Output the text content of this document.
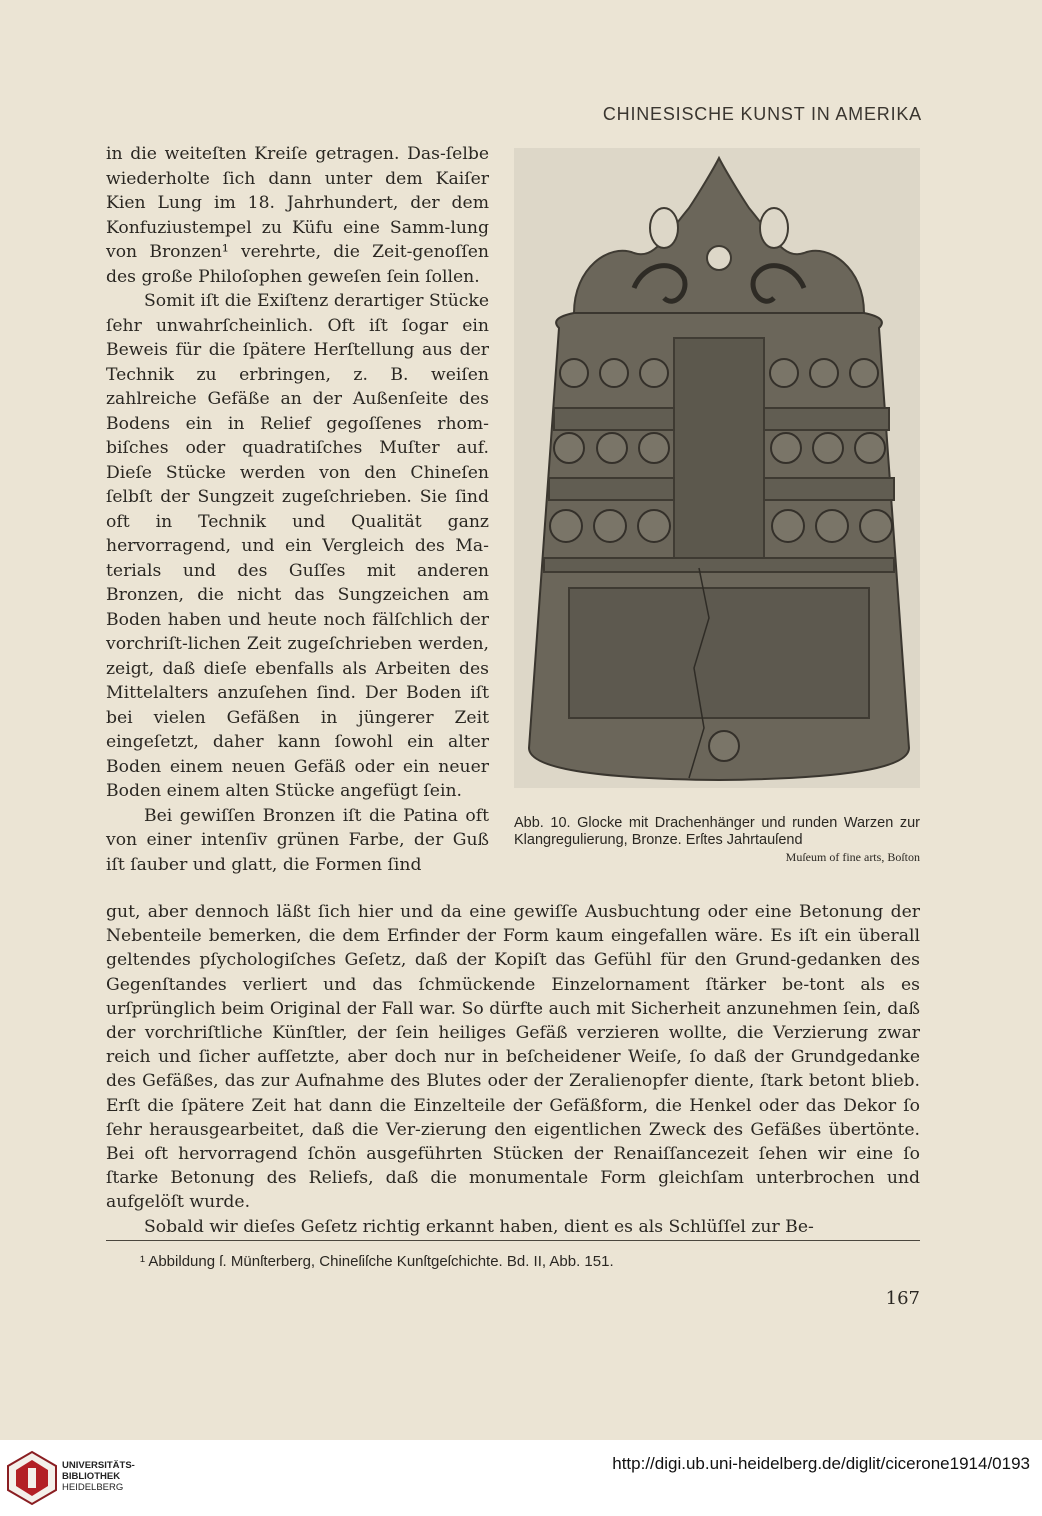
CHINESISCHE KUNST IN AMERIKA

in die weiteſten Kreiſe getragen. Das-ſelbe wiederholte ſich dann unter dem Kaiſer Kien Lung im 18. Jahrhundert, der dem Konfuziustempel zu Küfu eine Samm-lung von Bronzen¹ verehrte, die Zeit-genoſſen des große Philoſophen geweſen ſein ſollen.

Somit iſt die Exiſtenz derartiger Stücke ſehr unwahrſcheinlich. Oft iſt ſogar ein Beweis für die ſpätere Herſtellung aus der Technik zu erbringen, z. B. weiſen zahlreiche Gefäße an der Außenſeite des Bodens ein in Relief gegoſſenes rhom-biſches oder quadratiſches Muſter auf. Dieſe Stücke werden von den Chineſen ſelbſt der Sungzeit zugeſchrieben. Sie ſind oft in Technik und Qualität ganz hervorragend, und ein Vergleich des Ma-terials und des Guſſes mit anderen Bronzen, die nicht das Sungzeichen am Boden haben und heute noch fälſchlich der vorchriſt-lichen Zeit zugeſchrieben werden, zeigt, daß dieſe ebenfalls als Arbeiten des Mittelalters anzuſehen ſind. Der Boden iſt bei vielen Gefäßen in jüngerer Zeit eingeſetzt, daher kann ſowohl ein alter Boden einem neuen Gefäß oder ein neuer Boden einem alten Stücke angefügt ſein.

Bei gewiſſen Bronzen iſt die Patina oft von einer intenſiv grünen Farbe, der Guß iſt ſauber und glatt, die Formen ſind

Abb. 10. Glocke mit Drachenhänger und runden Warzen zur Klangregulierung, Bronze. Erſtes Jahrtauſend
Muſeum of fine arts, Boſton

gut, aber dennoch läßt ſich hier und da eine gewiſſe Ausbuchtung oder eine Betonung der Nebenteile bemerken, die dem Erfinder der Form kaum eingefallen wäre. Es iſt ein überall geltendes pſychologiſches Geſetz, daß der Kopiſt das Gefühl für den Grund-gedanken des Gegenſtandes verliert und das ſchmückende Einzelornament ſtärker be-tont als es urſprünglich beim Original der Fall war. So dürfte auch mit Sicherheit anzunehmen ſein, daß der vorchriſtliche Künſtler, der ſein heiliges Gefäß verzieren wollte, die Verzierung zwar reich und ſicher aufſetzte, aber doch nur in beſcheidener Weiſe, ſo daß der Grundgedanke des Gefäßes, das zur Aufnahme des Blutes oder der Zeralienopfer diente, ſtark betont blieb. Erſt die ſpätere Zeit hat dann die Einzelteile der Gefäßform, die Henkel oder das Dekor ſo ſehr herausgearbeitet, daß die Ver-zierung den eigentlichen Zweck des Gefäßes übertönte. Bei oft hervorragend ſchön ausgeführten Stücken der Renaiſſancezeit ſehen wir eine ſo ſtarke Betonung des Reliefs, daß die monumentale Form gleichſam unterbrochen und aufgelöſt wurde.

Sobald wir dieſes Geſetz richtig erkannt haben, dient es als Schlüſſel zur Be-

¹ Abbildung ſ. Münſterberg, Chineſiſche Kunſtgeſchichte. Bd. II, Abb. 151.
167
UNIVERSITÄTS-
BIBLIOTHEK
HEIDELBERG
http://digi.ub.uni-heidelberg.de/diglit/cicerone1914/0193
